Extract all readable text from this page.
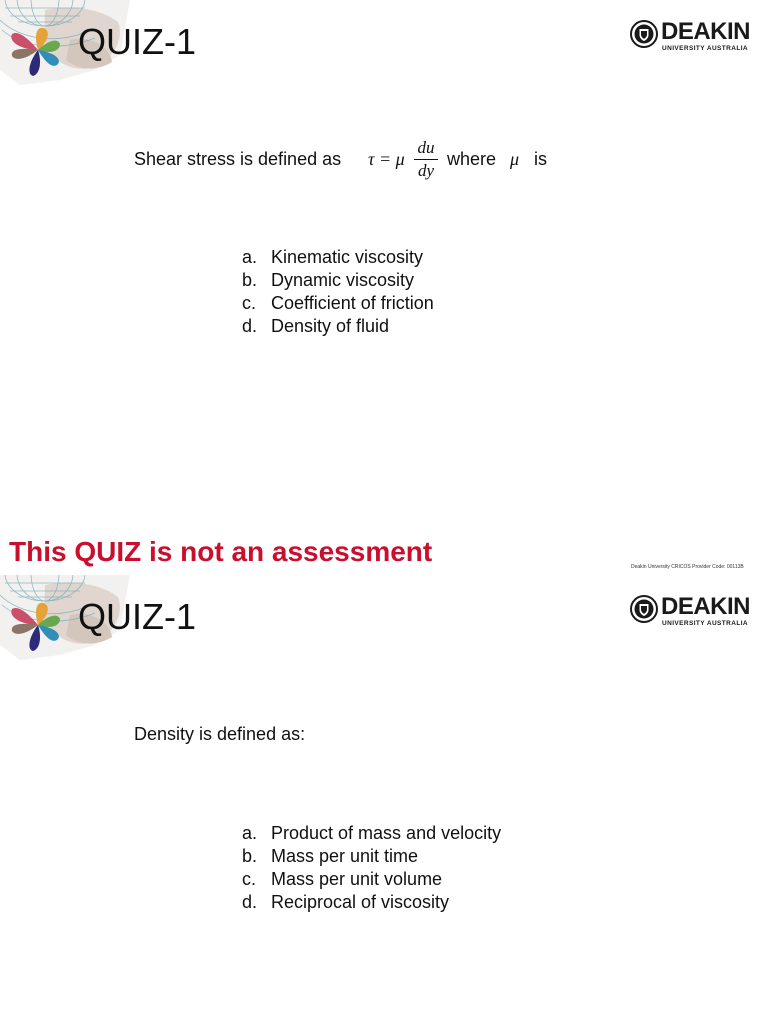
QUIZ-1	DEAKIN
UNIVERSITY AUSTRALIA
Shear stress is defined as τ = μ
du
dy
where μ is
a. Kinematic viscosity
b. Dynamic viscosity
c. Coefficient of friction
d. Density of fluid
This QUIZ is not an assessment	Deakin University CRICOS Provider Code: 00113B
QUIZ-1	DEAKIN
UNIVERSITY AUSTRALIA
Density is defined as:
a. Product of mass and velocity
b. Mass per unit time
c. Mass per unit volume
d. Reciprocal of viscosity
